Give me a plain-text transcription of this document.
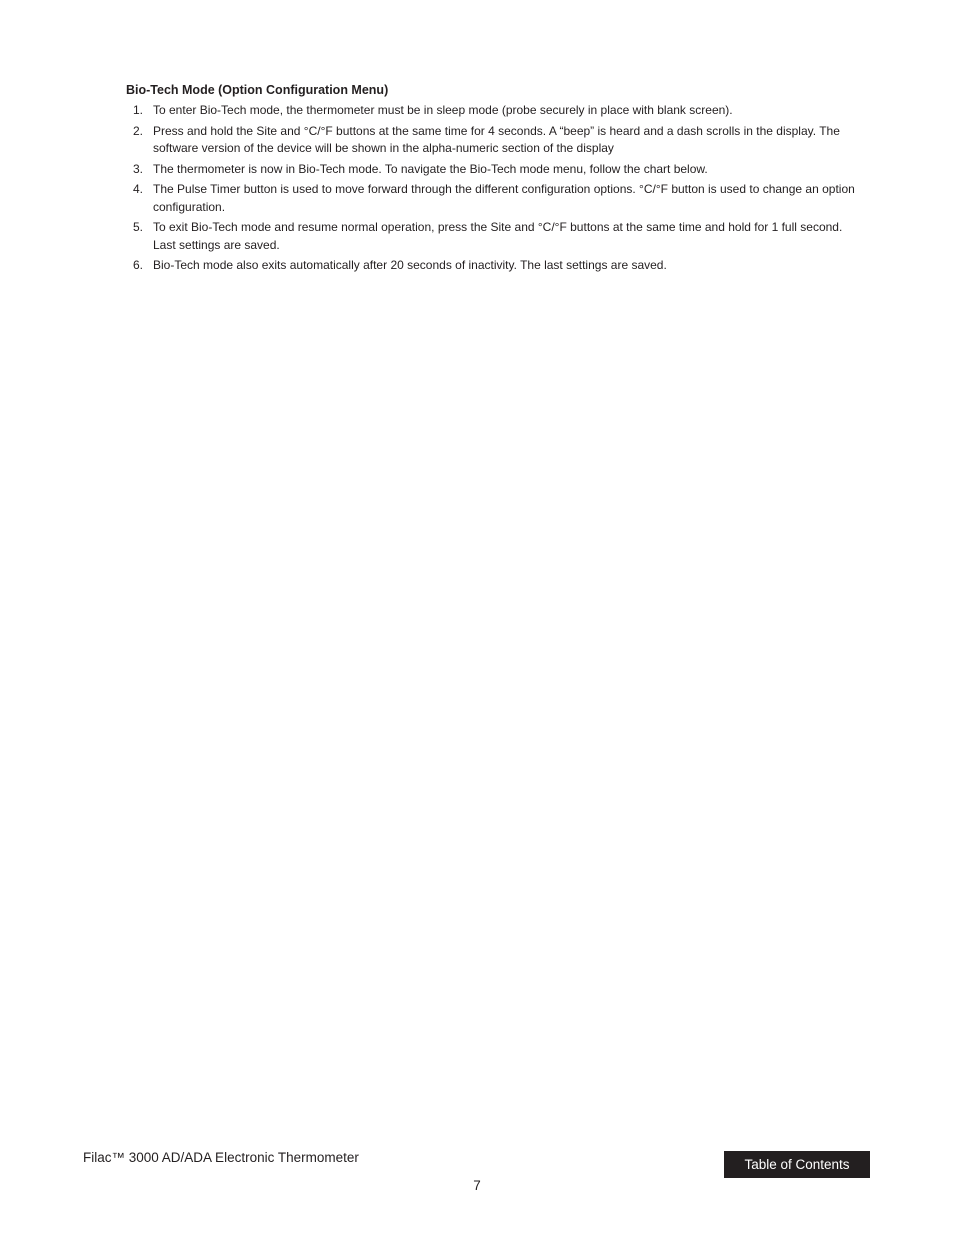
Bio-Tech Mode (Option Configuration Menu)
1. To enter Bio-Tech mode, the thermometer must be in sleep mode (probe securely in place with blank screen).
2. Press and hold the Site and °C/°F buttons at the same time for 4 seconds. A “beep” is heard and a dash scrolls in the display. The software version of the device will be shown in the alpha-numeric section of the display
3. The thermometer is now in Bio-Tech mode. To navigate the Bio-Tech mode menu, follow the chart below.
4. The Pulse Timer button is used to move forward through the different configuration options. °C/°F button is used to change an option configuration.
5. To exit Bio-Tech mode and resume normal operation, press the Site and °C/°F buttons at the same time and hold for 1 full second. Last settings are saved.
6. Bio-Tech mode also exits automatically after 20 seconds of inactivity. The last settings are saved.
Filac™ 3000 AD/ADA Electronic Thermometer	Table of Contents
7
